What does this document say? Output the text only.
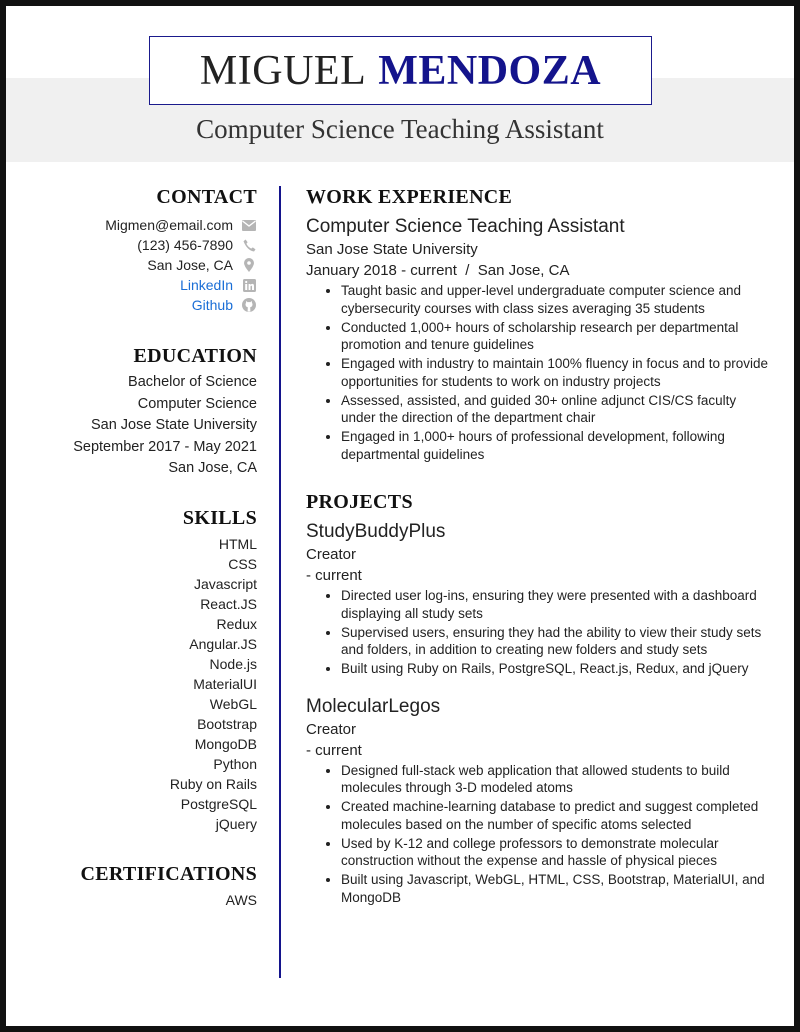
MIGUEL MENDOZA
Computer Science Teaching Assistant
CONTACT
Migmen@email.com
(123) 456-7890
San Jose, CA
LinkedIn
Github
EDUCATION
Bachelor of Science
Computer Science
San Jose State University
September 2017 - May 2021
San Jose, CA
SKILLS
HTML
CSS
Javascript
React.JS
Redux
Angular.JS
Node.js
MaterialUI
WebGL
Bootstrap
MongoDB
Python
Ruby on Rails
PostgreSQL
jQuery
CERTIFICATIONS
AWS
WORK EXPERIENCE
Computer Science Teaching Assistant
San Jose State University
January 2018 - current  /  San Jose, CA
• Taught basic and upper-level undergraduate computer science and cybersecurity courses with class sizes averaging 35 students
• Conducted 1,000+ hours of scholarship research per departmental promotion and tenure guidelines
• Engaged with industry to maintain 100% fluency in focus and to provide opportunities for students to work on industry projects
• Assessed, assisted, and guided 30+ online adjunct CIS/CS faculty under the direction of the department chair
• Engaged in 1,000+ hours of professional development, following departmental guidelines
PROJECTS
StudyBuddyPlus
Creator
- current
• Directed user log-ins, ensuring they were presented with a dashboard displaying all study sets
• Supervised users, ensuring they had the ability to view their study sets and folders, in addition to creating new folders and study sets
• Built using Ruby on Rails, PostgreSQL, React.js, Redux, and jQuery
MolecularLegos
Creator
- current
• Designed full-stack web application that allowed students to build molecules through 3-D modeled atoms
• Created machine-learning database to predict and suggest completed molecules based on the number of specific atoms selected
• Used by K-12 and college professors to demonstrate molecular construction without the expense and hassle of physical pieces
• Built using Javascript, WebGL, HTML, CSS, Bootstrap, MaterialUI, and MongoDB
